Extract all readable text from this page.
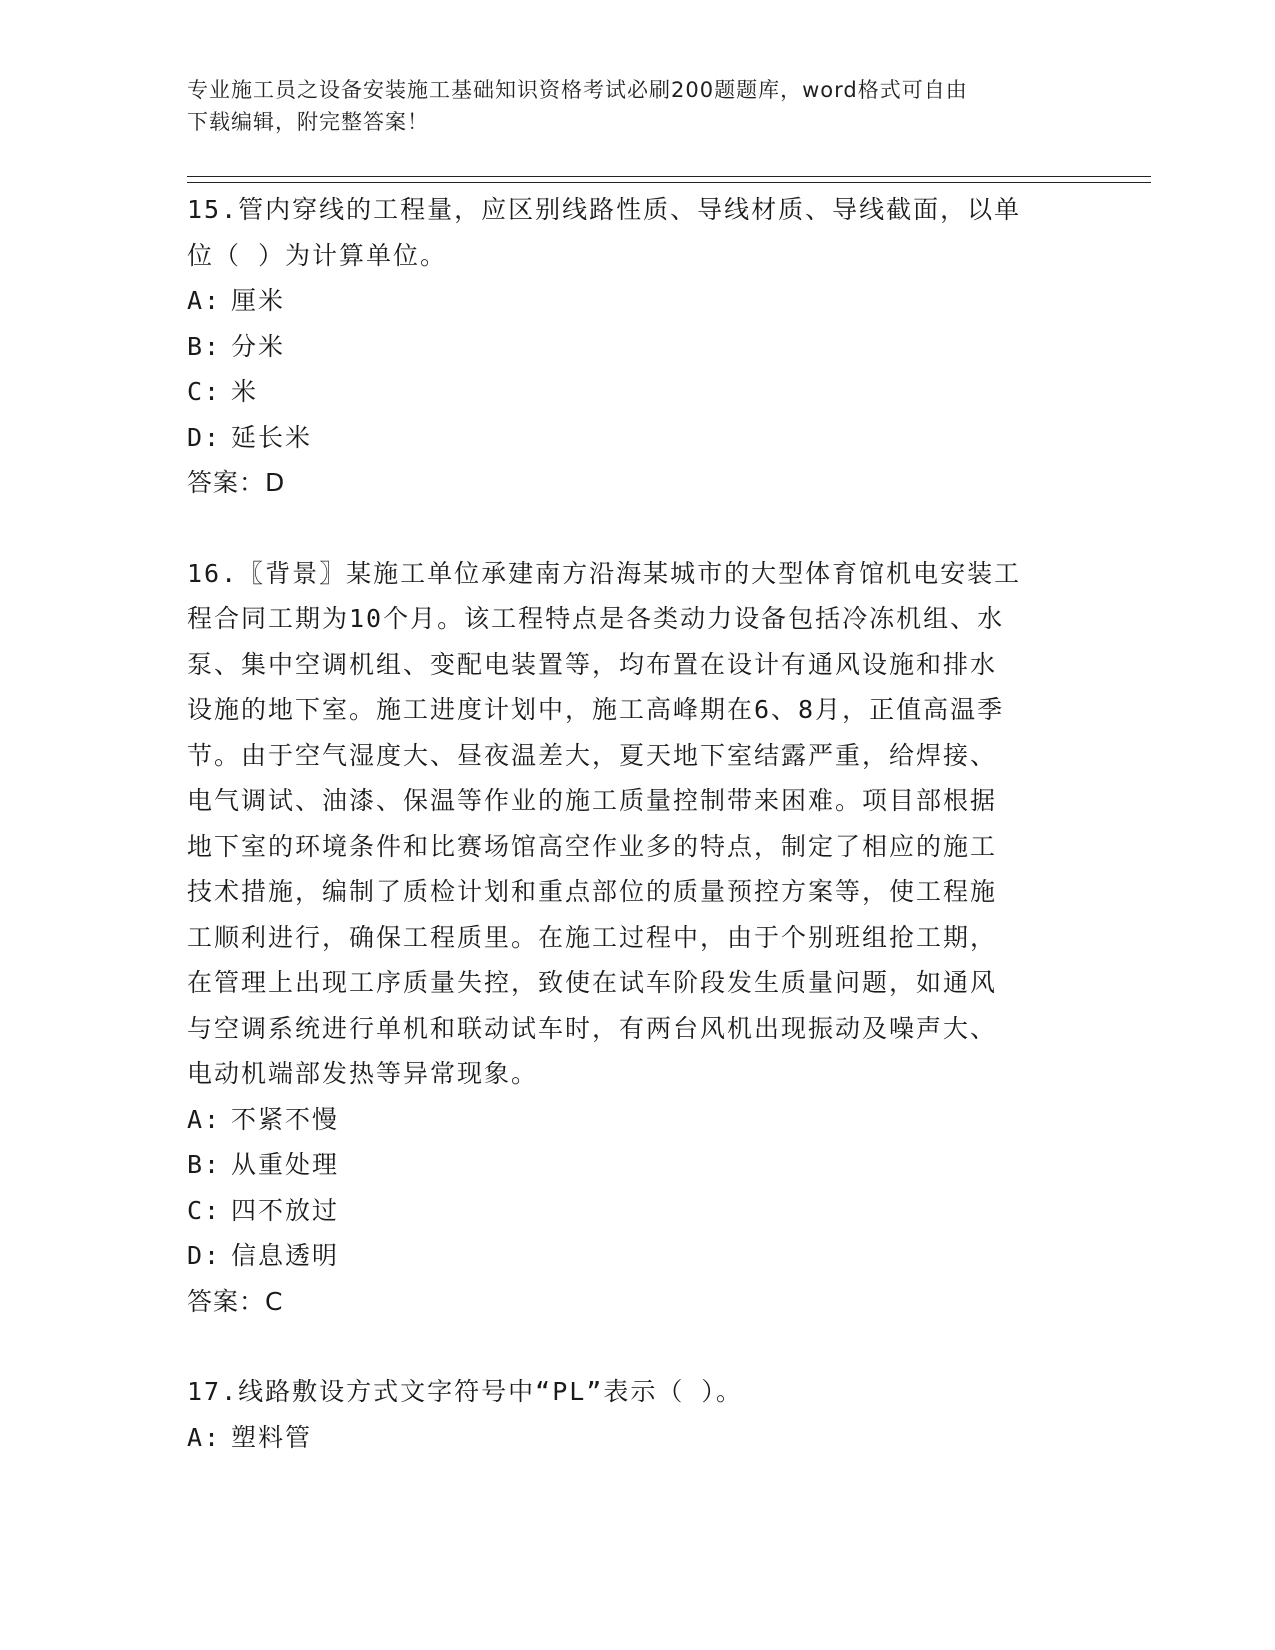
专业施工员之设备安装施工基础知识资格考试必刷200题题库，word格式可自由
下载编辑，附完整答案！

15.管内穿线的工程量，应区别线路性质、导线材质、导线截面，以单

位（ ）为计算单位。

A: 厘米

B: 分米

C: 米

D: 延长米

答案：D

16.〖背景〗某施工单位承建南方沿海某城市的大型体育馆机电安装工

程合同工期为10个月。该工程特点是各类动力设备包括冷冻机组、水

泵、集中空调机组、变配电装置等，均布置在设计有通风设施和排水

设施的地下室。施工进度计划中，施工高峰期在6、8月，正值高温季

节。由于空气湿度大、昼夜温差大，夏天地下室结露严重，给焊接、

电气调试、油漆、保温等作业的施工质量控制带来困难。项目部根据

地下室的环境条件和比赛场馆高空作业多的特点，制定了相应的施工

技术措施，编制了质检计划和重点部位的质量预控方案等，使工程施

工顺利进行，确保工程质里。在施工过程中，由于个别班组抢工期，

在管理上出现工序质量失控，致使在试车阶段发生质量问题，如通风

与空调系统进行单机和联动试车时，有两台风机出现振动及噪声大、

电动机端部发热等异常现象。

A: 不紧不慢

B: 从重处理

C: 四不放过

D: 信息透明

答案：C

17.线路敷设方式文字符号中“PL”表示（ ）。

A: 塑料管
